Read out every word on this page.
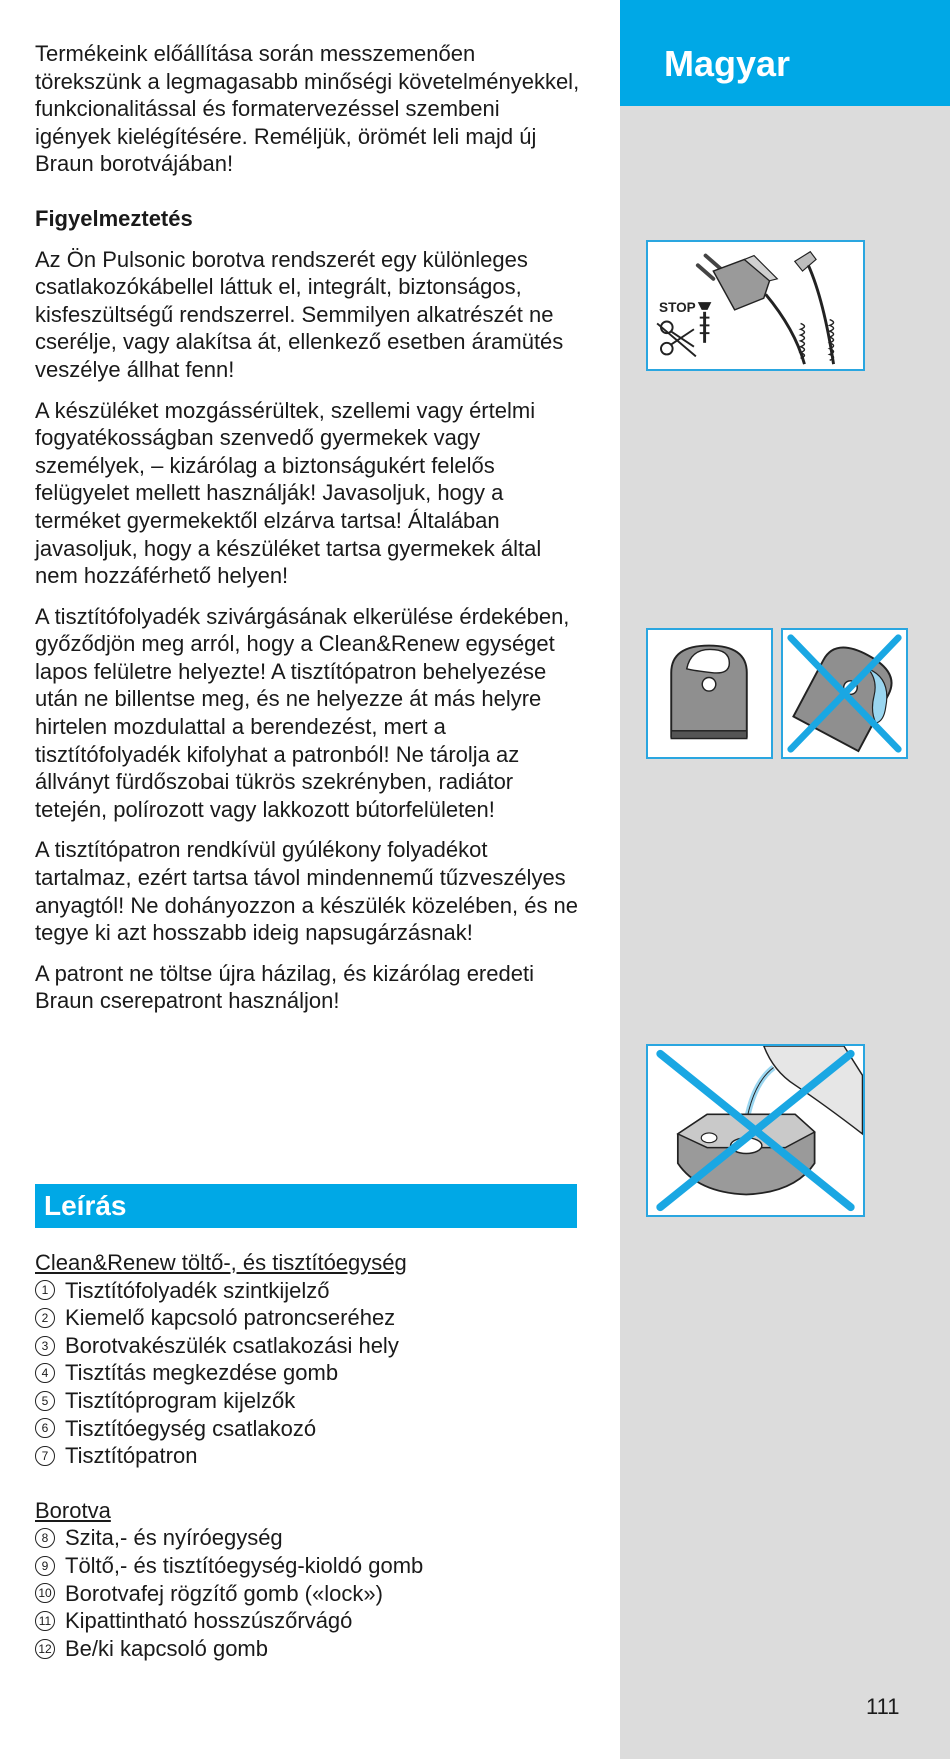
Magyar

Termékeink előállítása során messzemenően törekszünk a legmagasabb minőségi követelményekkel, funkcionalitással és formatervezéssel szembeni igények kielégítésére. Reméljük, örömét leli majd új Braun borotvájában!

Figyelmeztetés

Az Ön Pulsonic borotva rendszerét egy különleges csatlakozókábellel láttuk el, integrált, biztonságos, kisfeszültségű rendszerrel. Semmilyen alkatrészét ne cserélje, vagy alakítsa át, ellenkező esetben áramütés veszélye állhat fenn!

A készüléket mozgássérültek, szellemi vagy értelmi fogyatékosságban szenvedő gyermekek vagy személyek, – kizárólag a biztonságukért felelős felügyelet mellett használják! Javasoljuk, hogy a terméket gyermekektől elzárva tartsa! Általában javasoljuk, hogy a készüléket tartsa gyermekek által nem hozzáférhető helyen!

A tisztítófolyadék szivárgásának elkerülése érdekében, győződjön meg arról, hogy a Clean&Renew egységet lapos felületre helyezte! A tisztítópatron behelyezése után ne billentse meg, és ne helyezze át más helyre hirtelen mozdulattal a berendezést, mert a tisztítófolyadék kifolyhat a patronból! Ne tárolja az állványt fürdőszobai tükrös szekrényben, radiátor tetején, polírozott vagy lakkozott bútorfelületen!

A tisztítópatron rendkívül gyúlékony folyadékot tartalmaz, ezért tartsa távol mindennemű tűzveszélyes anyagtól! Ne dohányozzon a készülék közelében, és ne tegye ki azt hosszabb ideig napsugárzásnak!

A patront ne töltse újra házilag, és kizárólag eredeti Braun cserepatront használjon!

Leírás

Clean&Renew töltő-, és tisztítóegység

1 Tisztítófolyadék szintkijelző
2 Kiemelő kapcsoló patroncseréhez
3 Borotvakészülék csatlakozási hely
4 Tisztítás megkezdése gomb
5 Tisztítóprogram kijelzők
6 Tisztítóegység csatlakozó
7 Tisztítópatron

Borotva

8 Szita,- és nyíróegység
9 Töltő,- és tisztítóegység-kioldó gomb
10 Borotvafej rögzítő gomb («lock»)
11 Kipattintható hosszúszőrvágó
12 Be/ki kapcsoló gomb
STOP

111
